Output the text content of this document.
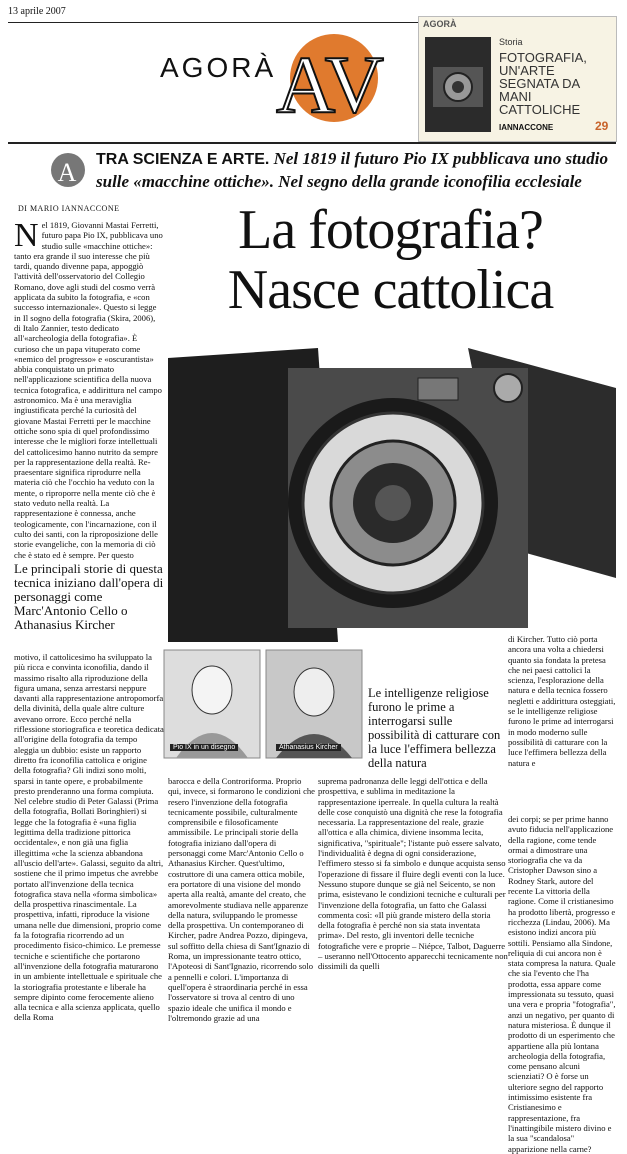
13 aprile 2007
AGORÀ AV
AGORÀ
Storia
FOTOGRAFIA, UN'ARTE SEGNATA DA MANI CATTOLICHE
IANNACCONE	29
A TRA SCIENZA E ARTE. Nel 1819 il futuro Pio IX pubblicava uno studio sulle «macchine ottiche». Nel segno della grande iconofilia ecclesiale
DI MARIO IANNACCONE	La fotografia? Nasce cattolica
Nel 1819, Giovanni Mastai Ferretti, futuro papa Pio IX, pubblicava uno studio sulle «macchine ottiche»: tanto era grande il suo interesse che più tardi, quando divenne papa, appoggiò l'attività dell'osservatorio del Collegio Romano, dove agli studi del cosmo verrà applicata da subito la fotografia, e «con successo internazionale». Questo si legge in Il sogno della fotografia (Skira, 2006), di Italo Zannier, testo dedicato all'«archeologia della fotografia». È curioso che un papa vituperato come «nemico del progresso» e «oscurantista» abbia conquistato un primato nell'applicazione scientifica della nuova tecnica fotografica, e addirittura nel campo astronomico. Ma è una meraviglia ingiustificata perché la curiosità del giovane Mastai Ferretti per le macchine ottiche sono spia di quel profondissimo interesse che le migliori forze intellettuali del cattolicesimo hanno nutrito da sempre per la rappresentazione della realtà. Re-praesentare significa riprodurre nella materia ciò che l'occhio ha veduto con la mente, o riproporre nella mente ciò che è stato veduto nella realtà. La rappresentazione è connessa, anche teologicamente, con l'incarnazione, con il culto dei santi, con la riproposizione delle storie evangeliche, con la memoria di ciò che è stato ed è sempre. Per questo
Le principali storie di questa tecnica iniziano dall'opera di personaggi come Marc'Antonio Cello o Athanasius Kircher
motivo, il cattolicesimo ha sviluppato la più ricca e convinta iconofilia, dando il massimo risalto alla riproduzione della figura umana, senza arrestarsi neppure davanti alla rappresentazione antropomorfa della divinità, della quale altre culture avevano orrore. Ecco perché nella riflessione storiografica e teoretica dedicata all'origine della fotografia da tempo aleggia un dubbio: esiste un rapporto diretto fra iconofilia cattolica e origine della fotografia? Gli indizi sono molti, sparsi in tante opere, e probabilmente presto prenderanno una forma compiuta. Nel celebre studio di Peter Galassi (Prima della fotografia, Bollati Boringhieri) si legge che la fotografia è «una figlia legittima della tradizione pittorica occidentale», e non già una figlia illegittima «che la scienza abbandona all'uscio dell'arte». Galassi, seguito da altri, sostiene che il primo impetus che avrebbe portato all'invenzione della tecnica fotografica stava nella «forma simbolica» della prospettiva rinascimentale. La prospettiva, infatti, riproduce la visione umana nelle due dimensioni, proprio come fa la fotografia ricorrendo ad un procedimento fisico-chimico. Le premesse tecniche e scientifiche che portarono all'invenzione della fotografia maturarono in un ambiente intellettuale e spirituale che la storiografia protestante e liberale ha sempre dipinto come ferocemente alieno alla tecnica e alla scienza applicata, quello della Roma
Pio IX in un disegno	Athanasius Kircher
Le intelligenze religiose furono le prime a interrogarsi sulle possibilità di catturare con la luce l'effimera bellezza della natura
di Kircher. Tutto ciò porta ancora una volta a chiedersi quanto sia fondata la pretesa che nei paesi cattolici la scienza, l'esplorazione della natura e della tecnica fossero negletti e addirittura osteggiati, se le intelligenze religiose furono le prime ad interrogarsi in modo moderno sulle possibilità di catturare con la luce l'effimera bellezza della natura e
barocca e della Controriforma. Proprio qui, invece, si formarono le condizioni che resero l'invenzione della fotografia tecnicamente possibile, culturalmente comprensibile e filosoficamente ammissibile. Le principali storie della fotografia iniziano dall'opera di personaggi come Marc'Antonio Cello o Athanasius Kircher. Quest'ultimo, costruttore di una camera ottica mobile, era portatore di una visione del mondo aperta alla realtà, amante del creato, che amorevolmente studiava nelle apparenze della natura, sviluppando le promesse della prospettiva. Un contemporaneo di Kircher, padre Andrea Pozzo, dipingeva, sul soffitto della chiesa di Sant'Ignazio di Roma, un impressionante teatro ottico, l'Apoteosi di Sant'Ignazio, ricorrendo solo a pennelli e colori. L'importanza di quell'opera è straordinaria perché in essa l'osservatore si trova al centro di uno spazio ideale che unifica il mondo e l'oltremondo grazie ad una
suprema padronanza delle leggi dell'ottica e della prospettiva, e sublima in meditazione la rappresentazione iperreale. In quella cultura la realtà delle cose conquistò una dignità che rese la fotografia necessaria. La rappresentazione del reale, grazie all'ottica e alla chimica, diviene insomma lecita, significativa, "spirituale"; l'istante può essere salvato, l'individualità è degna di ogni considerazione, l'effimero stesso si fa simbolo e dunque acquista senso l'operazione di fissare il fluire degli eventi con la luce. Nessuno stupore dunque se già nel Seicento, se non prima, esistevano le condizioni tecniche e culturali per l'invenzione della fotografia, un fatto che Galassi commenta così: «Il più grande mistero della storia della fotografia è perché non sia stata inventata prima». Del resto, gli inventori delle tecniche fotografiche vere e proprie – Niépce, Talbot, Daguerre – useranno nell'Ottocento apparecchi tecnicamente non dissimili da quelli
dei corpi; se per prime hanno avuto fiducia nell'applicazione della ragione, come tende ormai a dimostrare una storiografia che va da Cristopher Dawson sino a Rodney Stark, autore del recente La vittoria della ragione. Come il cristianesimo ha prodotto libertà, progresso e ricchezza (Lindau, 2006). Ma esistono indizi ancora più sottili. Pensiamo alla Sindone, reliquia di cui ancora non è stata compresa la natura. Quale che sia l'evento che l'ha prodotta, essa appare come impressionata su tessuto, quasi una vera e propria "fotografia", anzi un negativo, per quanto di natura misteriosa. È dunque il prodotto di un esperimento che appartiene alla più lontana archeologia della fotografia, come pensano alcuni scienziati? O è forse un ulteriore segno del rapporto intimissimo esistente fra Cristianesimo e rappresentazione, fra l'inattingibile mistero divino e la sua "scandalosa" apparizione nella carne?
